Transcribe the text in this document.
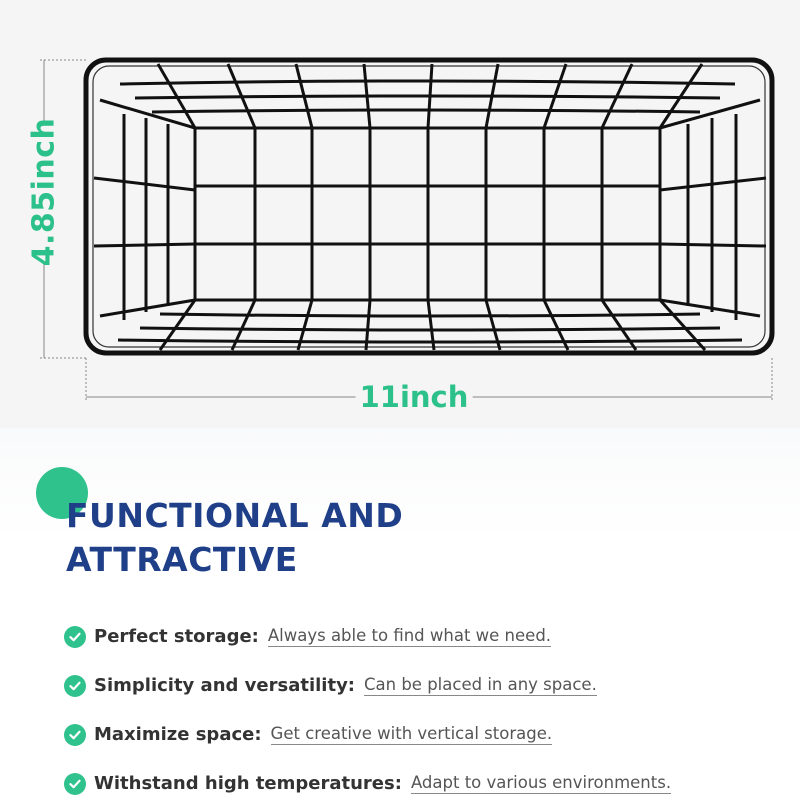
4.85inch
11inch
FUNCTIONAL AND
ATTRACTIVE
Perfect storage: Always able to find what we need.
Simplicity and versatility: Can be placed in any space.
Maximize space: Get creative with vertical storage.
Withstand high temperatures: Adapt to various environments.
